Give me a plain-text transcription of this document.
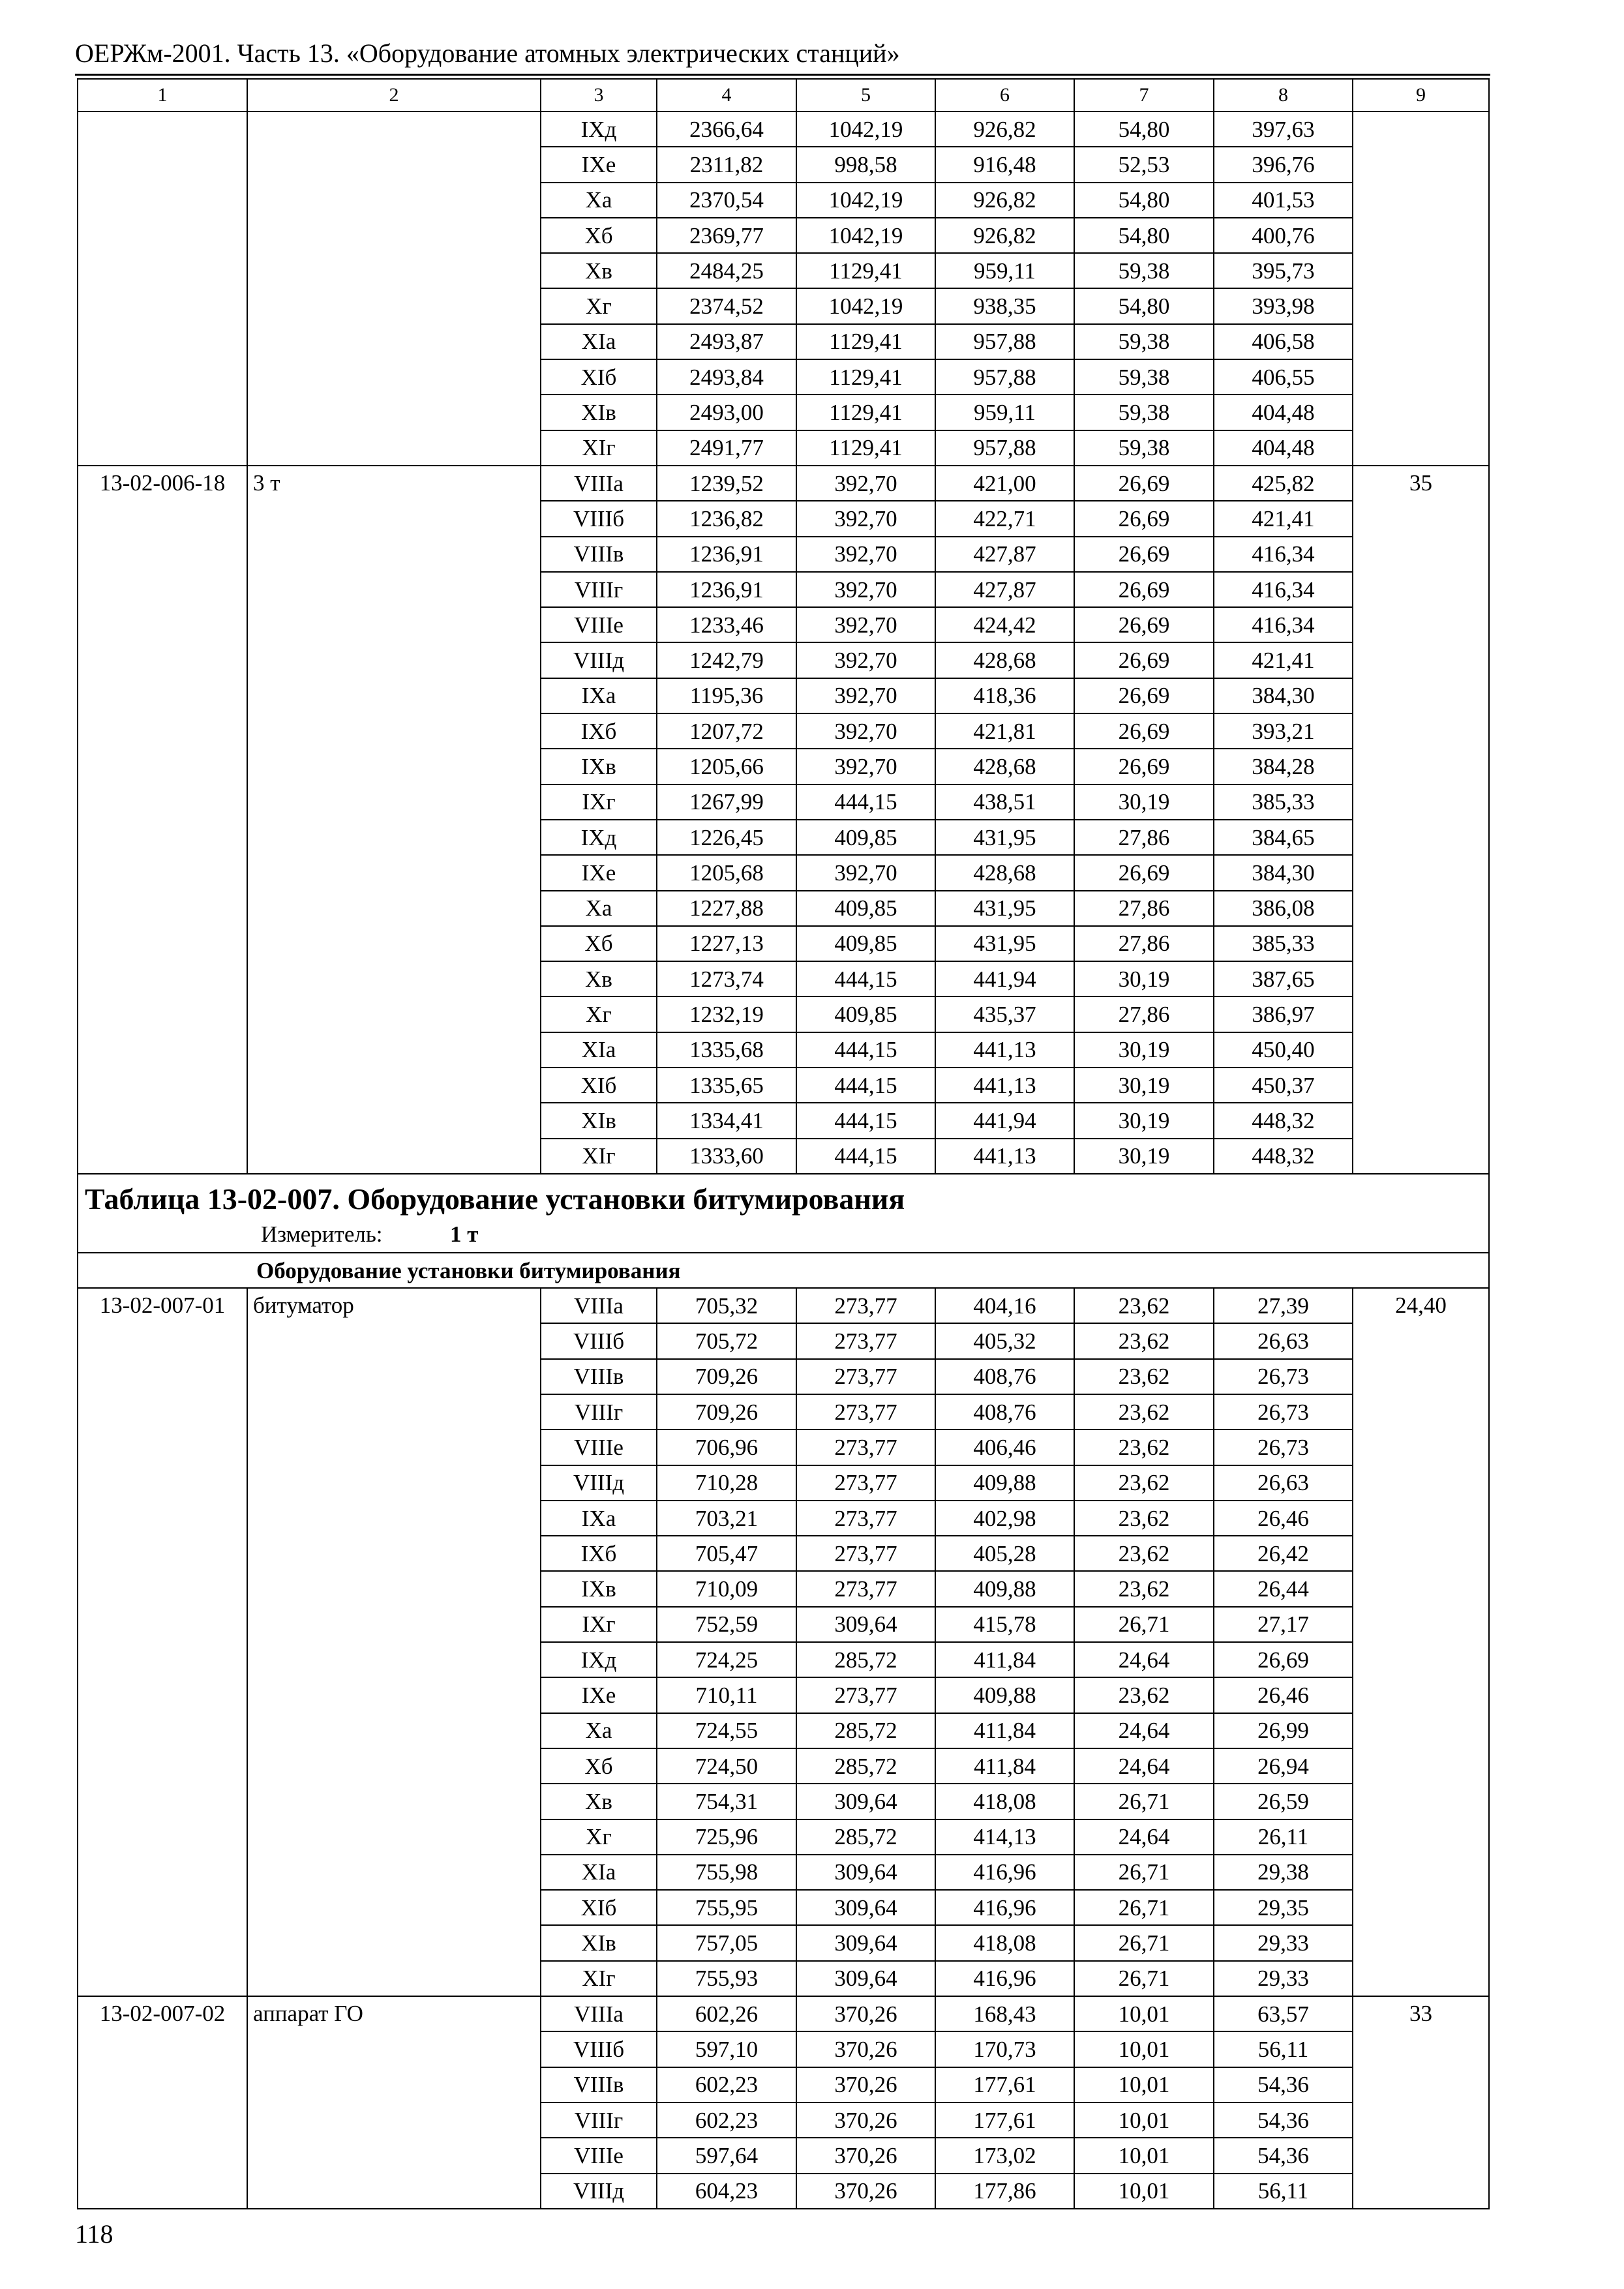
ОЕРЖм-2001. Часть 13. «Оборудование атомных электрических станций»
1	2	3	4	5	6	7	8	9
		IXд	2366,64	1042,19	926,82	54,80	397,63	
		IXе	2311,82	998,58	916,48	52,53	396,76	
		Xа	2370,54	1042,19	926,82	54,80	401,53	
		Xб	2369,77	1042,19	926,82	54,80	400,76	
		Xв	2484,25	1129,41	959,11	59,38	395,73	
		Xг	2374,52	1042,19	938,35	54,80	393,98	
		XIа	2493,87	1129,41	957,88	59,38	406,58	
		XIб	2493,84	1129,41	957,88	59,38	406,55	
		XIв	2493,00	1129,41	959,11	59,38	404,48	
		XIг	2491,77	1129,41	957,88	59,38	404,48	
13-02-006-18	3 т	VIIIа	1239,52	392,70	421,00	26,69	425,82	35
		VIIIб	1236,82	392,70	422,71	26,69	421,41	
		VIIIв	1236,91	392,70	427,87	26,69	416,34	
		VIIIг	1236,91	392,70	427,87	26,69	416,34	
		VIIIе	1233,46	392,70	424,42	26,69	416,34	
		VIIIд	1242,79	392,70	428,68	26,69	421,41	
		IXа	1195,36	392,70	418,36	26,69	384,30	
		IXб	1207,72	392,70	421,81	26,69	393,21	
		IXв	1205,66	392,70	428,68	26,69	384,28	
		IXг	1267,99	444,15	438,51	30,19	385,33	
		IXд	1226,45	409,85	431,95	27,86	384,65	
		IXе	1205,68	392,70	428,68	26,69	384,30	
		Xа	1227,88	409,85	431,95	27,86	386,08	
		Xб	1227,13	409,85	431,95	27,86	385,33	
		Xв	1273,74	444,15	441,94	30,19	387,65	
		Xг	1232,19	409,85	435,37	27,86	386,97	
		XIа	1335,68	444,15	441,13	30,19	450,40	
		XIб	1335,65	444,15	441,13	30,19	450,37	
		XIв	1334,41	444,15	441,94	30,19	448,32	
		XIг	1333,60	444,15	441,13	30,19	448,32	

Таблица 13-02-007. Оборудование установки битумирования
Измеритель: 1 т								

Оборудование установки битумирования								
13-02-007-01	битуматор	VIIIа	705,32	273,77	404,16	23,62	27,39	24,40
		VIIIб	705,72	273,77	405,32	23,62	26,63	
		VIIIв	709,26	273,77	408,76	23,62	26,73	
		VIIIг	709,26	273,77	408,76	23,62	26,73	
		VIIIе	706,96	273,77	406,46	23,62	26,73	
		VIIIд	710,28	273,77	409,88	23,62	26,63	
		IXа	703,21	273,77	402,98	23,62	26,46	
		IXб	705,47	273,77	405,28	23,62	26,42	
		IXв	710,09	273,77	409,88	23,62	26,44	
		IXг	752,59	309,64	415,78	26,71	27,17	
		IXд	724,25	285,72	411,84	24,64	26,69	
		IXе	710,11	273,77	409,88	23,62	26,46	
		Xа	724,55	285,72	411,84	24,64	26,99	
		Xб	724,50	285,72	411,84	24,64	26,94	
		Xв	754,31	309,64	418,08	26,71	26,59	
		Xг	725,96	285,72	414,13	24,64	26,11	
		XIа	755,98	309,64	416,96	26,71	29,38	
		XIб	755,95	309,64	416,96	26,71	29,35	
		XIв	757,05	309,64	418,08	26,71	29,33	
		XIг	755,93	309,64	416,96	26,71	29,33	
13-02-007-02	аппарат ГО	VIIIа	602,26	370,26	168,43	10,01	63,57	33
		VIIIб	597,10	370,26	170,73	10,01	56,11	
		VIIIв	602,23	370,26	177,61	10,01	54,36	
		VIIIг	602,23	370,26	177,61	10,01	54,36	
		VIIIе	597,64	370,26	173,02	10,01	54,36	
		VIIIд	604,23	370,26	177,86	10,01	56,11	
118
